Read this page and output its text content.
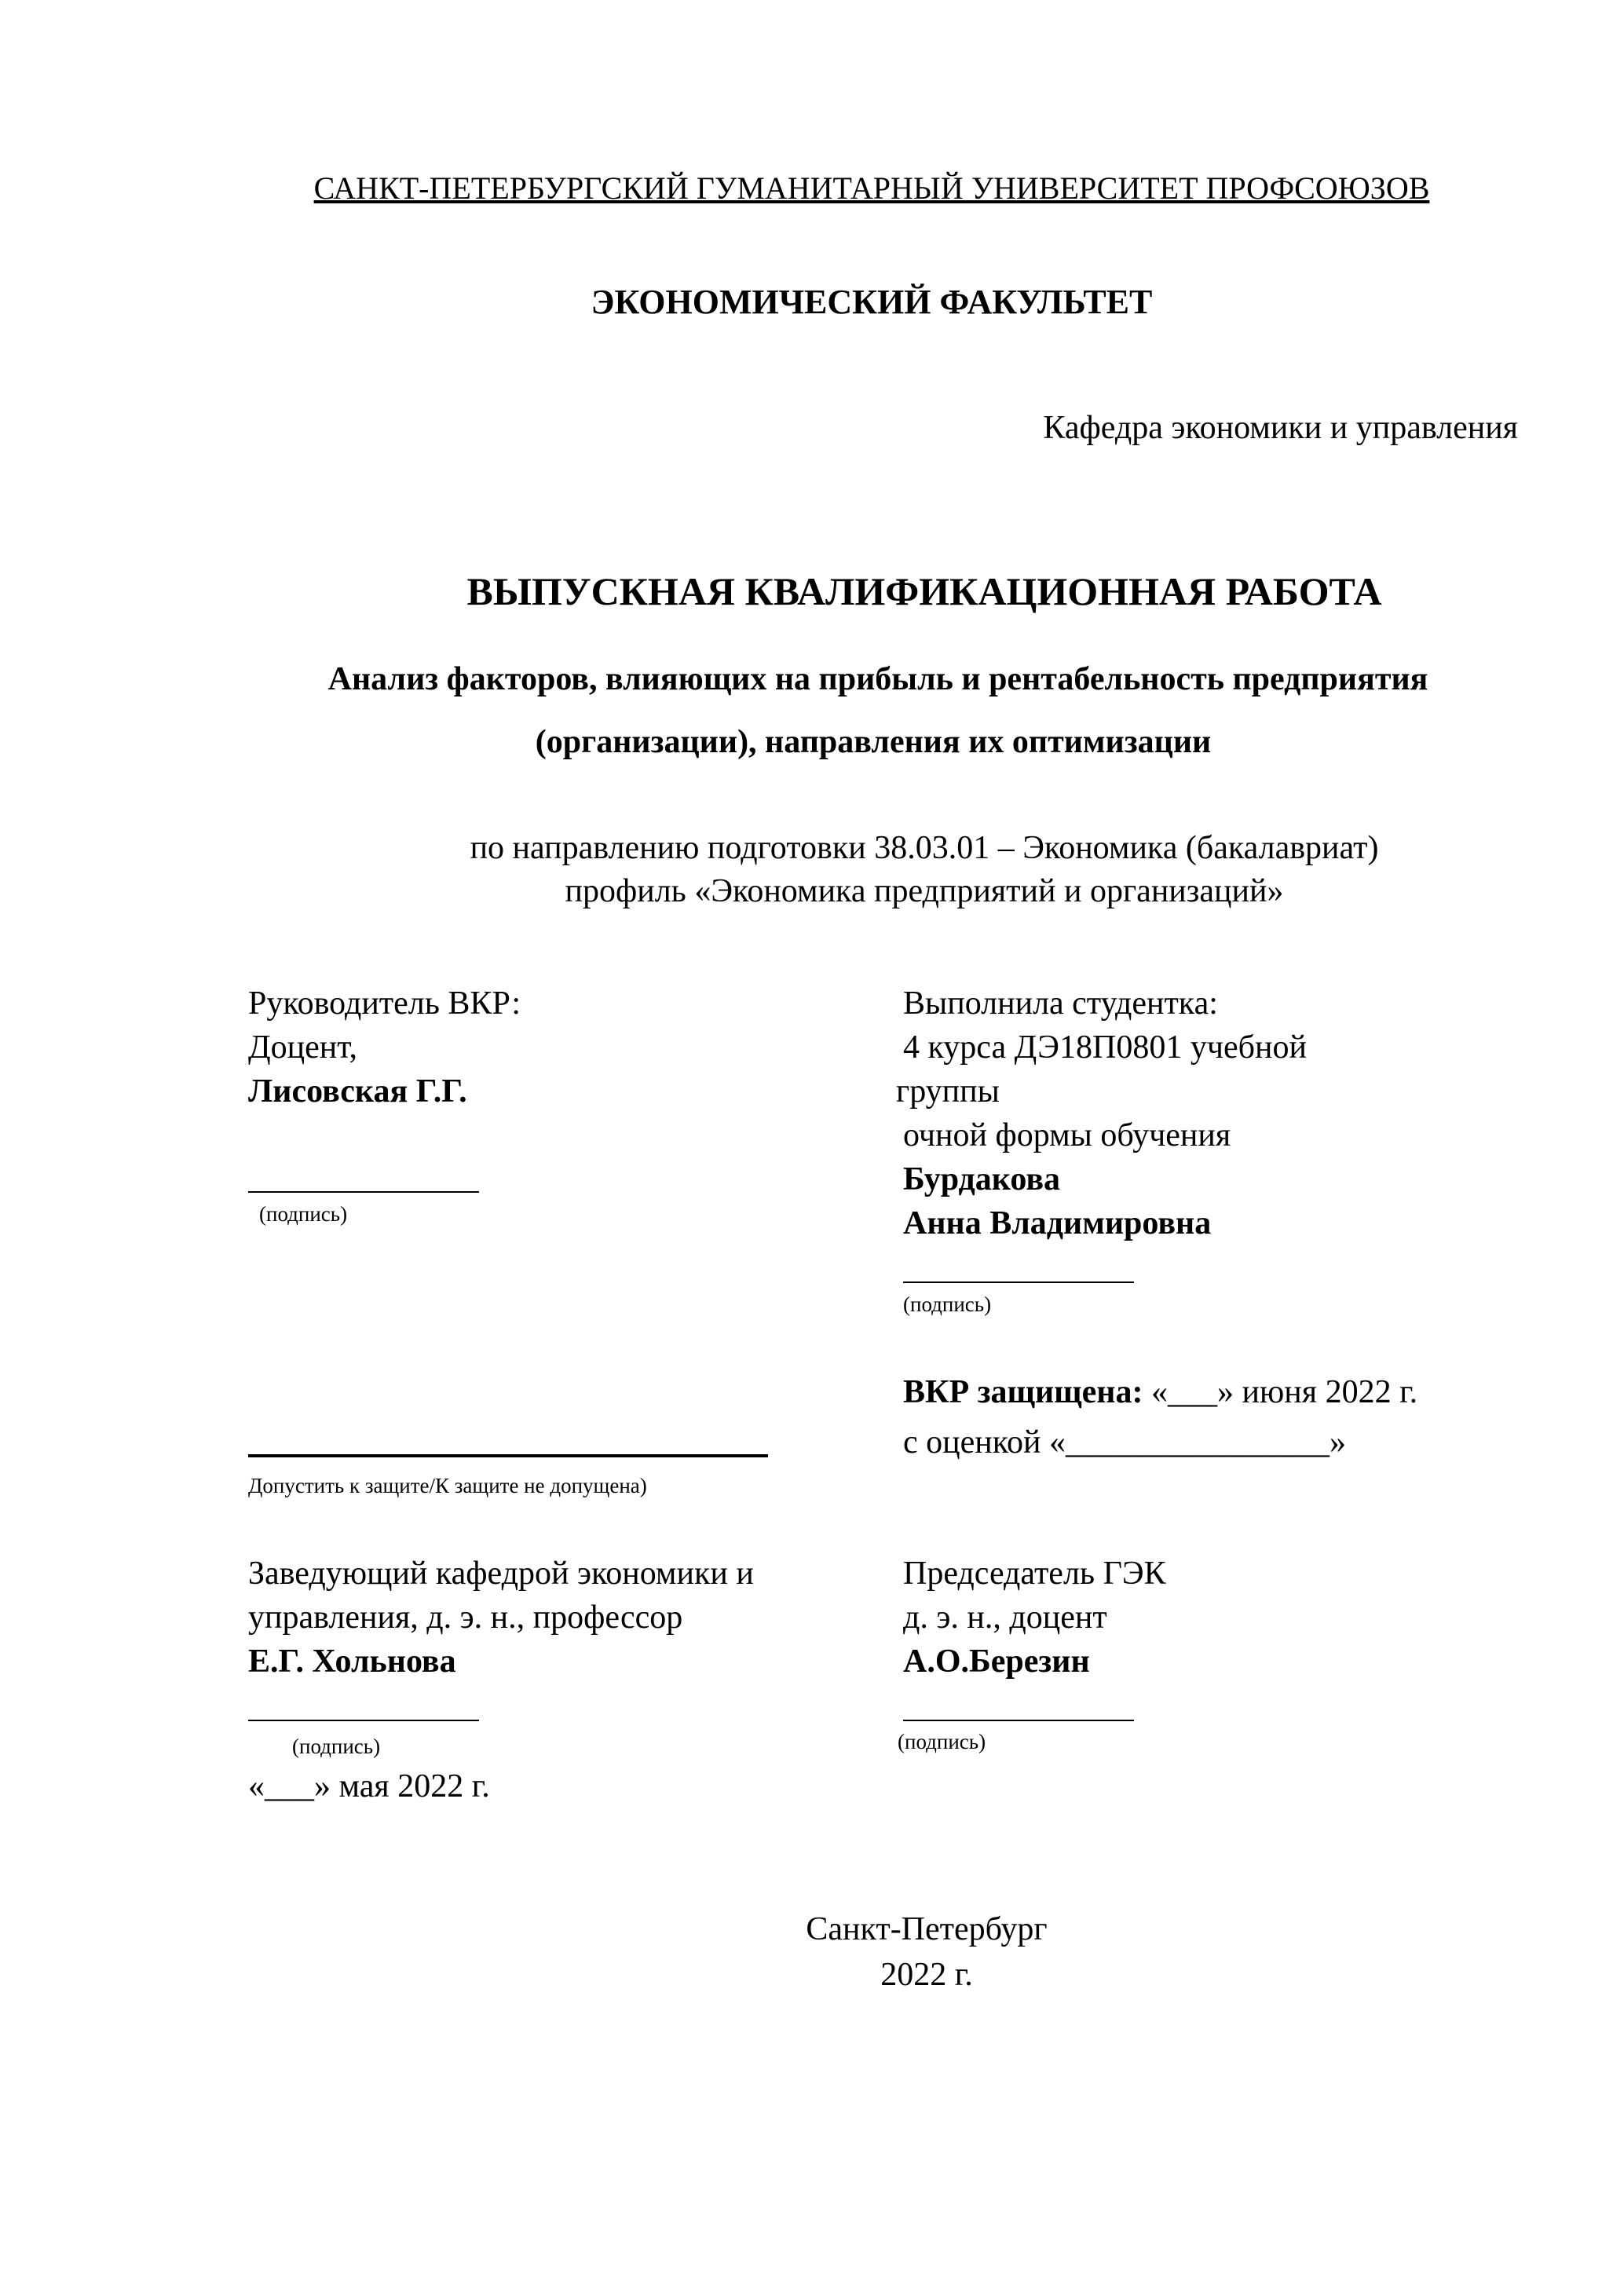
САНКТ-ПЕТЕРБУРГСКИЙ ГУМАНИТАРНЫЙ УНИВЕРСИТЕТ ПРОФСОЮЗОВ
ЭКОНОМИЧЕСКИЙ ФАКУЛЬТЕТ
Кафедра экономики и управления
ВЫПУСКНАЯ КВАЛИФИКАЦИОННАЯ РАБОТА
Анализ факторов, влияющих на прибыль и рентабельность предприятия
(организации), направления их оптимизации
по направлению подготовки 38.03.01 – Экономика (бакалавриат)
профиль «Экономика предприятий и организаций»
Руководитель ВКР:
Доцент,
Лисовская Г.Г.
(подпись)
Выполнила студентка:
4 курса ДЭ18П0801 учебной
группы
очной формы обучения
Бурдакова
Анна Владимировна
(подпись)
ВКР защищена: «___» июня 2022 г.
с оценкой «________________»
Допустить к защите/К защите не допущена)
Заведующий кафедрой экономики и
управления, д. э. н., профессор
Е.Г. Хольнова
(подпись)
«___» мая 2022 г.
Председатель ГЭК
д. э. н., доцент
А.О.Березин
(подпись)
Санкт-Петербург
2022 г.
